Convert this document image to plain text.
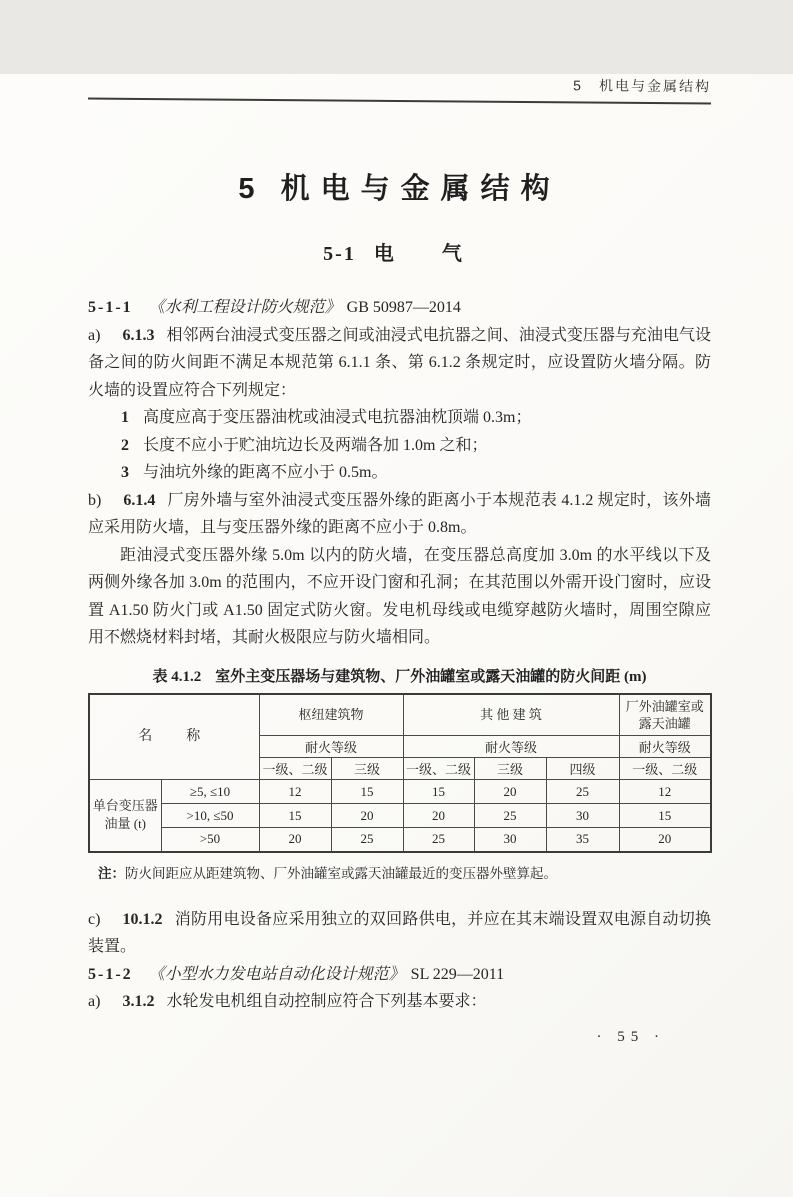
5　机电与金属结构
5 机电与金属结构
5-1 电　气

5-1-1 《水利工程设计防火规范》 GB 50987—2014

a) 6.1.3 相邻两台油浸式变压器之间或油浸式电抗器之间、油浸式变压器与充油电气设备之间的防火间距不满足本规范第 6.1.1 条、第 6.1.2 条规定时，应设置防火墙分隔。防火墙的设置应符合下列规定：

1 高度应高于变压器油枕或油浸式电抗器油枕顶端 0.3m；

2 长度不应小于贮油坑边长及两端各加 1.0m 之和；

3 与油坑外缘的距离不应小于 0.5m。

b) 6.1.4 厂房外墙与室外油浸式变压器外缘的距离小于本规范表 4.1.2 规定时，该外墙应采用防火墙，且与变压器外缘的距离不应小于 0.8m。

距油浸式变压器外缘 5.0m 以内的防火墙，在变压器总高度加 3.0m 的水平线以下及两侧外缘各加 3.0m 的范围内，不应开设门窗和孔洞；在其范围以外需开设门窗时，应设置 A1.50 防火门或 A1.50 固定式防火窗。发电机母线或电缆穿越防火墙时，周围空隙应用不燃烧材料封堵，其耐火极限应与防火墙相同。

表 4.1.2 室外主变压器场与建筑物、厂外油罐室或露天油罐的防火间距 (m)
名　称		枢纽建筑物		其 他 建 筑			厂外油罐室或露天油罐
		耐火等级		耐火等级			耐火等级
		一级、二级	三级	一级、二级	三级	四级	一级、二级
单台变压器油量 (t)	≥5, ≤10	12	15	15	20	25	12
	>10, ≤50	15	20	20	25	30	15
	>50	20	25	25	30	35	20
注：防火间距应从距建筑物、厂外油罐室或露天油罐最近的变压器外壁算起。

c) 10.1.2 消防用电设备应采用独立的双回路供电，并应在其末端设置双电源自动切换装置。

5-1-2 《小型水力发电站自动化设计规范》 SL 229—2011

a) 3.1.2 水轮发电机组自动控制应符合下列基本要求：

· 55 ·
